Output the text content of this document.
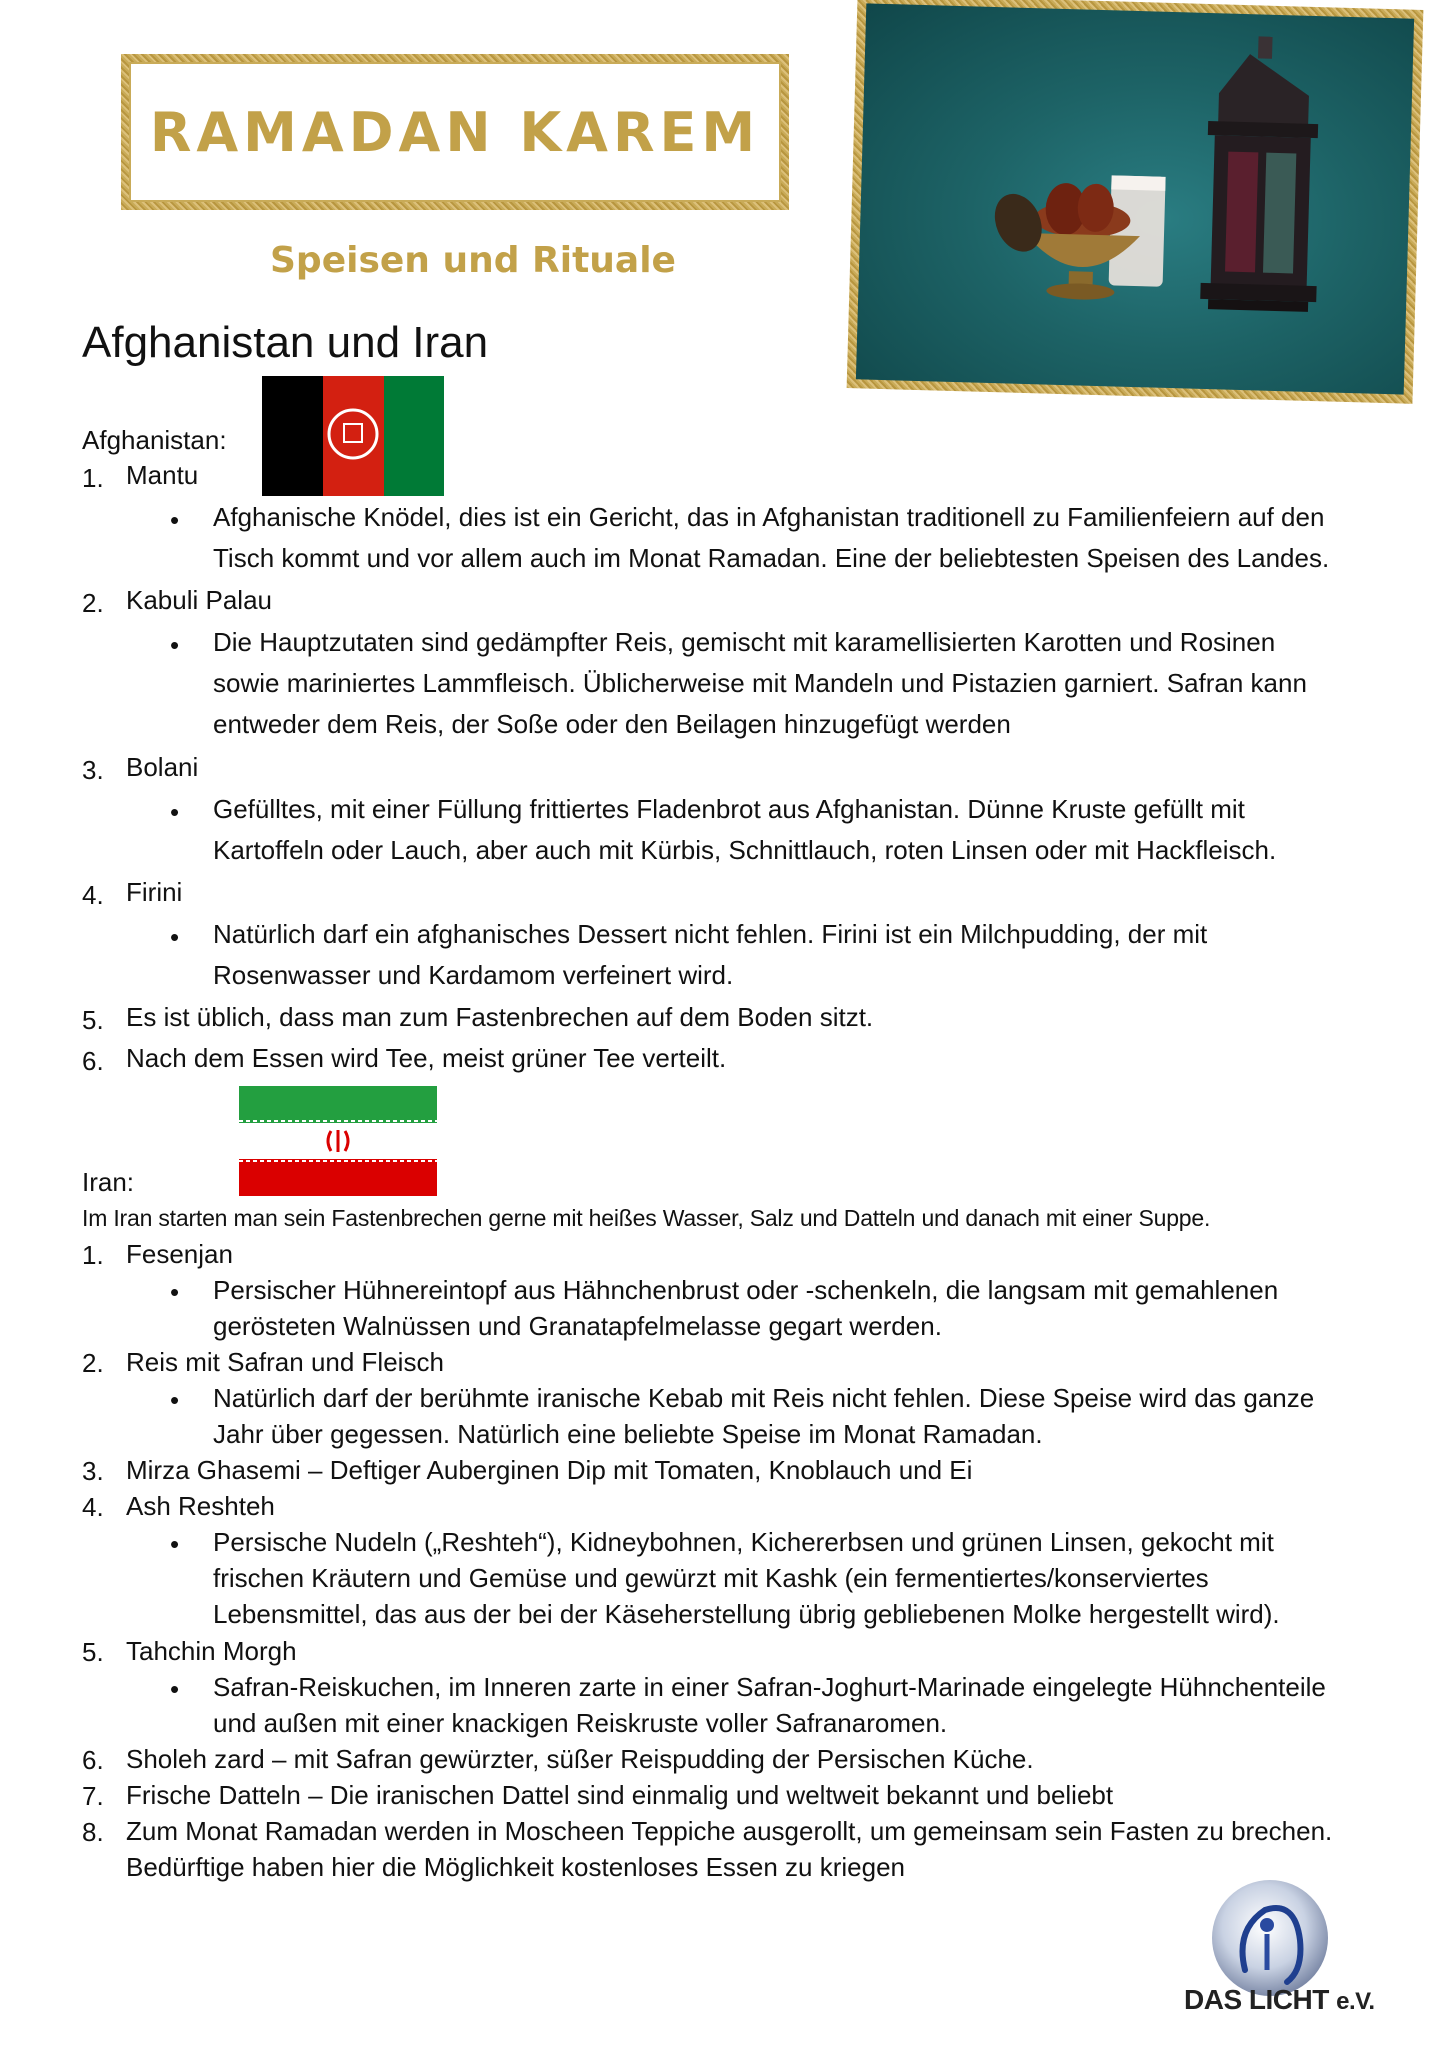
RAMADAN KAREM
Speisen und Rituale
Afghanistan und Iran
Afghanistan:
1. Mantu
• Afghanische Knödel, dies ist ein Gericht, das in Afghanistan traditionell zu Familienfeiern auf den
Tisch kommt und vor allem auch im Monat Ramadan. Eine der beliebtesten Speisen des Landes.
2. Kabuli Palau
• Die Hauptzutaten sind gedämpfter Reis, gemischt mit karamellisierten Karotten und Rosinen
sowie mariniertes Lammfleisch. Üblicherweise mit Mandeln und Pistazien garniert. Safran kann
entweder dem Reis, der Soße oder den Beilagen hinzugefügt werden
3. Bolani
• Gefülltes, mit einer Füllung frittiertes Fladenbrot aus Afghanistan. Dünne Kruste gefüllt mit
Kartoffeln oder Lauch, aber auch mit Kürbis, Schnittlauch, roten Linsen oder mit Hackfleisch.
4. Firini
• Natürlich darf ein afghanisches Dessert nicht fehlen. Firini ist ein Milchpudding, der mit
Rosenwasser und Kardamom verfeinert wird.
5. Es ist üblich, dass man zum Fastenbrechen auf dem Boden sitzt.
6. Nach dem Essen wird Tee, meist grüner Tee verteilt.
Iran:
Im Iran starten man sein Fastenbrechen gerne mit heißes Wasser, Salz und Datteln und danach mit einer Suppe.
1. Fesenjan
• Persischer Hühnereintopf aus Hähnchenbrust oder -schenkeln, die langsam mit gemahlenen
gerösteten Walnüssen und Granatapfelmelasse gegart werden.
2. Reis mit Safran und Fleisch
• Natürlich darf der berühmte iranische Kebab mit Reis nicht fehlen. Diese Speise wird das ganze
Jahr über gegessen. Natürlich eine beliebte Speise im Monat Ramadan.
3. Mirza Ghasemi – Deftiger Auberginen Dip mit Tomaten, Knoblauch und Ei
4. Ash Reshteh
• Persische Nudeln („Reshteh“), Kidneybohnen, Kichererbsen und grünen Linsen, gekocht mit
frischen Kräutern und Gemüse und gewürzt mit Kashk (ein fermentiertes/konserviertes
Lebensmittel, das aus der bei der Käseherstellung übrig gebliebenen Molke hergestellt wird).
5. Tahchin Morgh
• Safran-Reiskuchen, im Inneren zarte in einer Safran-Joghurt-Marinade eingelegte Hühnchenteile
und außen mit einer knackigen Reiskruste voller Safranaromen.
6. Sholeh zard – mit Safran gewürzter, süßer Reispudding der Persischen Küche.
7. Frische Datteln – Die iranischen Dattel sind einmalig und weltweit bekannt und beliebt
8. Zum Monat Ramadan werden in Moscheen Teppiche ausgerollt, um gemeinsam sein Fasten zu brechen.
Bedürftige haben hier die Möglichkeit kostenloses Essen zu kriegen
DAS LICHT e.V.
